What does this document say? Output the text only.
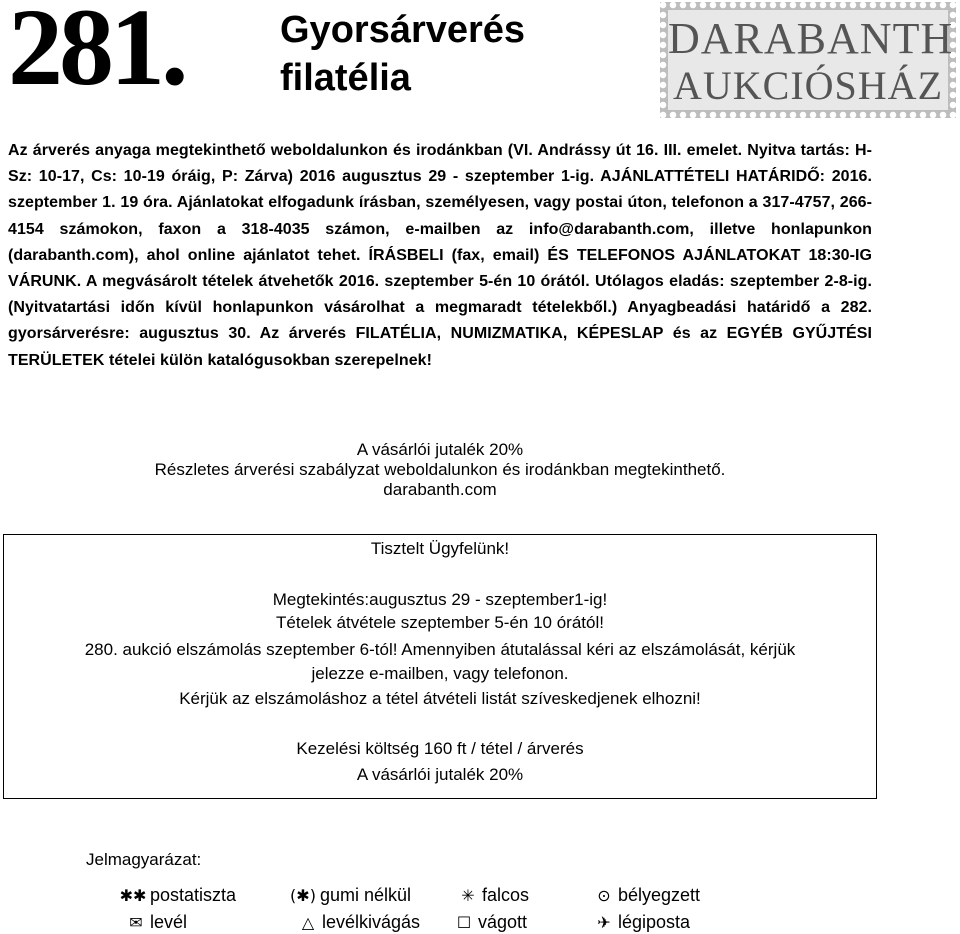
281.	Gyorsárverés
filatélia
DARABANTH
AUKCIÓSHÁZ
Az árverés anyaga megtekinthető weboldalunkon és irodánkban (VI. Andrássy út 16. III. emelet. Nyitva tartás: H-Sz: 10-17, Cs: 10-19 óráig, P: Zárva) 2016 augusztus 29 - szeptember 1-ig. AJÁNLATTÉTELI HATÁRIDŐ: 2016. szeptember 1. 19 óra. Ajánlatokat elfogadunk írásban, személyesen, vagy postai úton, telefonon a 317-4757, 266-4154 számokon, faxon a 318-4035 számon, e-mailben az info@darabanth.com, illetve honlapunkon (darabanth.com), ahol online ajánlatot tehet. ÍRÁSBELI (fax, email) ÉS TELEFONOS AJÁNLATOKAT 18:30-IG VÁRUNK. A megvásárolt tételek átvehetők 2016. szeptember 5-én 10 órától. Utólagos eladás: szeptember 2-8-ig. (Nyitvatartási időn kívül honlapunkon vásárolhat a megmaradt tételekből.) Anyagbeadási határidő a 282. gyorsárverésre: augusztus 30. Az árverés FILATÉLIA, NUMIZMATIKA, KÉPESLAP és az EGYÉB GYŰJTÉSI TERÜLETEK tételei külön katalógusokban szerepelnek!
A vásárlói jutalék 20%
Részletes árverési szabályzat weboldalunkon és irodánkban megtekinthető.
darabanth.com
Tisztelt Ügyfelünk!
Megtekintés:augusztus 29 - szeptember1-ig!
Tételek átvétele szeptember 5-én 10 órától!
280. aukció elszámolás szeptember 6-tól! Amennyiben átutalással kéri az elszámolását, kérjük
jelezze e-mailben, vagy telefonon.
Kérjük az elszámoláshoz a tétel átvételi listát szíveskedjenek elhozni!
Kezelési költség 160 ft / tétel / árverés
A vásárlói jutalék 20%
Jelmagyarázat:
✱✱ postatiszta	(✱) gumi nélkül	✳ falcos	⊙ bélyegzett
✉ levél	△ levélkivágás	☐ vágott	✈ légiposta
